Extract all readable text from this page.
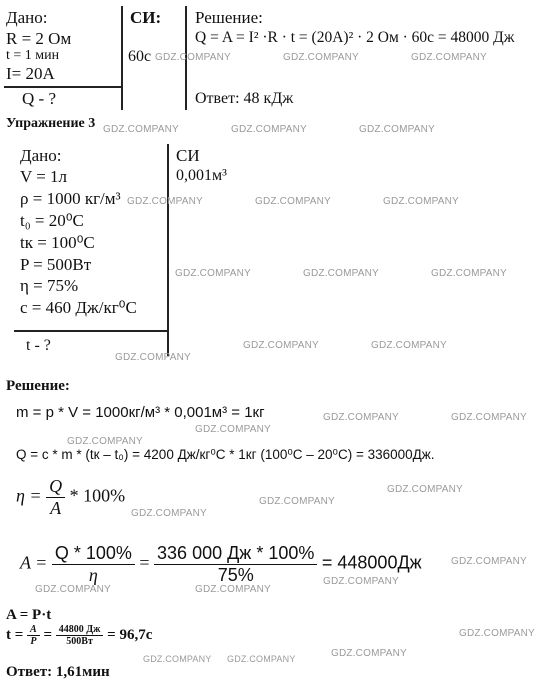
Дано:
R = 2 Ом
t = 1 мин
I= 20A
Q - ?
СИ:
60с
Решение:
Q = A = I² ·R · t = (20A)² · 2 Ом · 60с = 48000 Дж
Ответ: 48 кДж
Упражнение 3
Дано:
V = 1л
ρ = 1000 кг/м³
t₀ = 20⁰С
tк = 100⁰С
P = 500Вт
η = 75%
c = 460 Дж/кг⁰С
t - ?
СИ
0,001м³
Решение:
m = p * V = 1000кг/м³ * 0,001м³ = 1кг
Q = c * m * (tк – t₀) = 4200 Дж/кг⁰С * 1кг (100⁰С – 20⁰С) = 336000Дж.
$\eta = \frac{Q}{A} * 100\%$
$A = \frac{Q * 100\%}{\eta} = \frac{336 000 Дж * 100\%}{75\%} = 448000Дж$
A = P·t
$t = \frac{A}{P} = \frac{44800 Дж}{500Вт} = 96,7с$
Ответ: 1,61мин
GDZ.COMPANY	GDZ.COMPANY	GDZ.COMPANY
GDZ.COMPANY	GDZ.COMPANY	GDZ.COMPANY
GDZ.COMPANY	GDZ.COMPANY	GDZ.COMPANY
GDZ.COMPANY	GDZ.COMPANY	GDZ.COMPANY
GDZ.COMPANY	GDZ.COMPANY
GDZ.COMPANY
GDZ.COMPANY	GDZ.COMPANY
GDZ.COMPANY
GDZ.COMPANY
GDZ.COMPANY
GDZ.COMPANY
GDZ.COMPANY
GDZ.COMPANY
GDZ.COMPANY
GDZ.COMPANY
GDZ.COMPANY
GDZ.COMPANY
GDZ.COMPANY
GDZ.COMPANY GDZ.COMPANY
